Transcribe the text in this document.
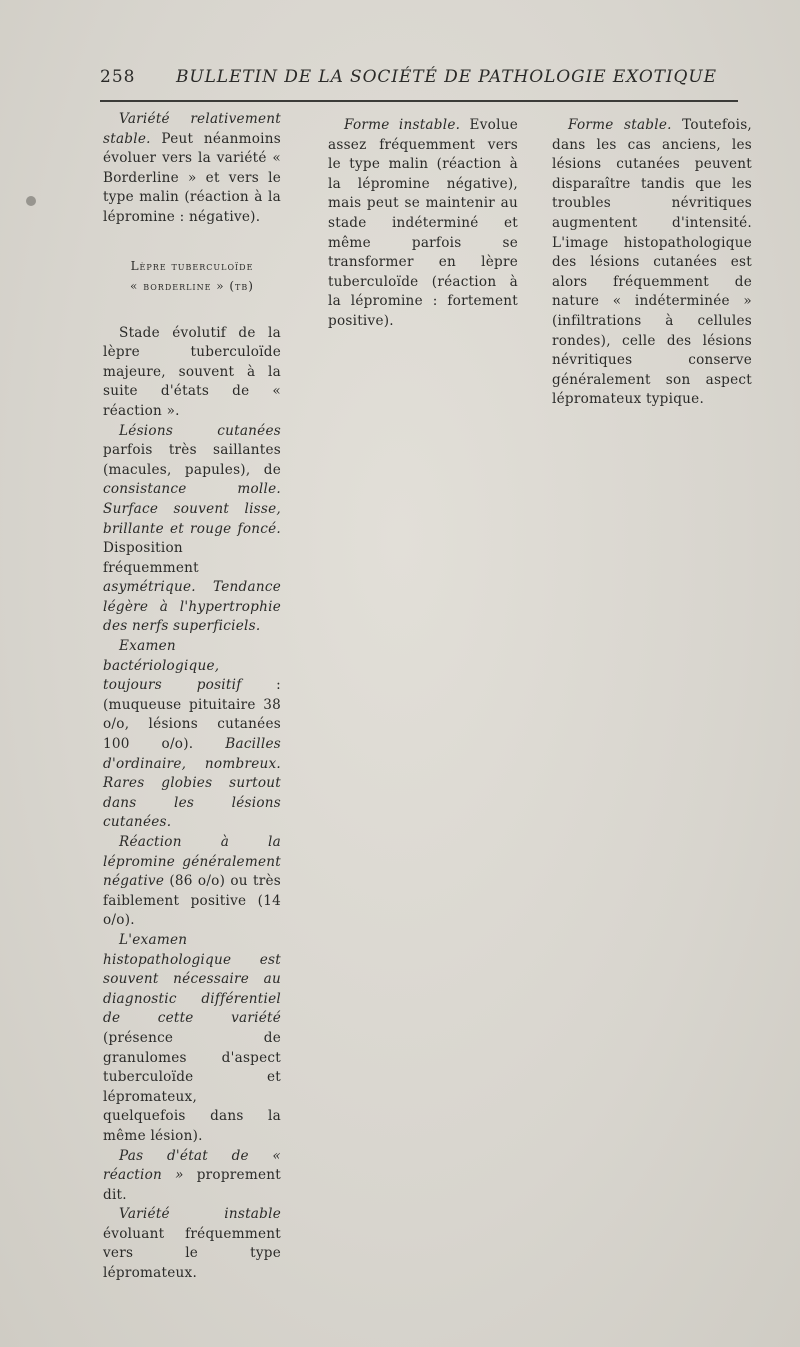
258 BULLETIN DE LA SOCIÉTÉ DE PATHOLOGIE EXOTIQUE

Variété relativement stable. Peut néanmoins évoluer vers la variété « Borderline » et vers le type malin (réaction à la lépromine : négative).

Lèpre tuberculoïde
« borderline » (tb)

Stade évolutif de la lèpre tuberculoïde majeure, souvent à la suite d'états de « réaction ».

Lésions cutanées parfois très saillantes (macules, papules), de consistance molle. Surface souvent lisse, brillante et rouge foncé. Disposition fréquemment asymétrique. Tendance légère à l'hypertrophie des nerfs superficiels.

Examen bactériologique, toujours positif : (muqueuse pituitaire 38 o/o, lésions cutanées 100 o/o). Bacilles d'ordinaire, nombreux. Rares globies surtout dans les lésions cutanées.

Réaction à la lépromine généralement négative (86 o/o) ou très faiblement positive (14 o/o).

L'examen histopathologique est souvent nécessaire au diagnostic différentiel de cette variété (présence de granulomes d'aspect tuberculoïde et lépromateux, quelquefois dans la même lésion).

Pas d'état de « réaction » proprement dit.

Variété instable évoluant fréquemment vers le type lépromateux.

Forme instable. Evolue assez fréquemment vers le type malin (réaction à la lépromine négative), mais peut se maintenir au stade indéterminé et même parfois se transformer en lèpre tuberculoïde (réaction à la lépromine : fortement positive).

Forme stable. Toutefois, dans les cas anciens, les lésions cutanées peuvent disparaître tandis que les troubles névritiques augmentent d'intensité. L'image histopathologique des lésions cutanées est alors fréquemment de nature « indéterminée » (infiltrations à cellules rondes), celle des lésions névritiques conserve généralement son aspect lépromateux typique.
